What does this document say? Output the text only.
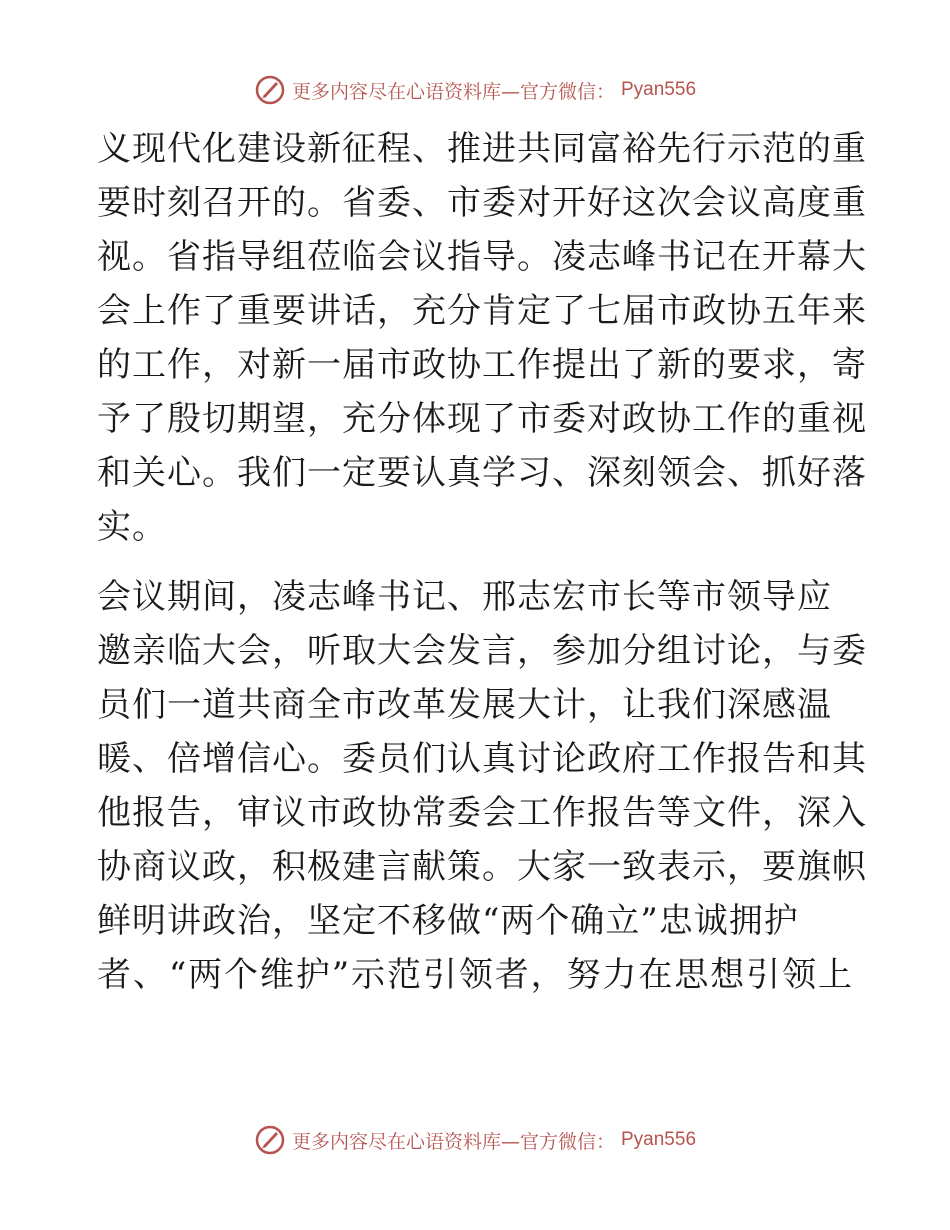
更多内容尽在心语资料库—官方微信： Pyan556
义现代化建设新征程、推进共同富裕先行示范的重
要时刻召开的。省委、市委对开好这次会议高度重
视。省指导组莅临会议指导。凌志峰书记在开幕大
会上作了重要讲话，充分肯定了七届市政协五年来
的工作，对新一届市政协工作提出了新的要求，寄
予了殷切期望，充分体现了市委对政协工作的重视
和关心。我们一定要认真学习、深刻领会、抓好落
实。
会议期间，凌志峰书记、邢志宏市长等市领导应
邀亲临大会，听取大会发言，参加分组讨论，与委
员们一道共商全市改革发展大计，让我们深感温
暖、倍增信心。委员们认真讨论政府工作报告和其
他报告，审议市政协常委会工作报告等文件，深入
协商议政，积极建言献策。大家一致表示，要旗帜
鲜明讲政治，坚定不移做“两个确立”忠诚拥护
者、“两个维护”示范引领者，努力在思想引领上
更多内容尽在心语资料库—官方微信： Pyan556
